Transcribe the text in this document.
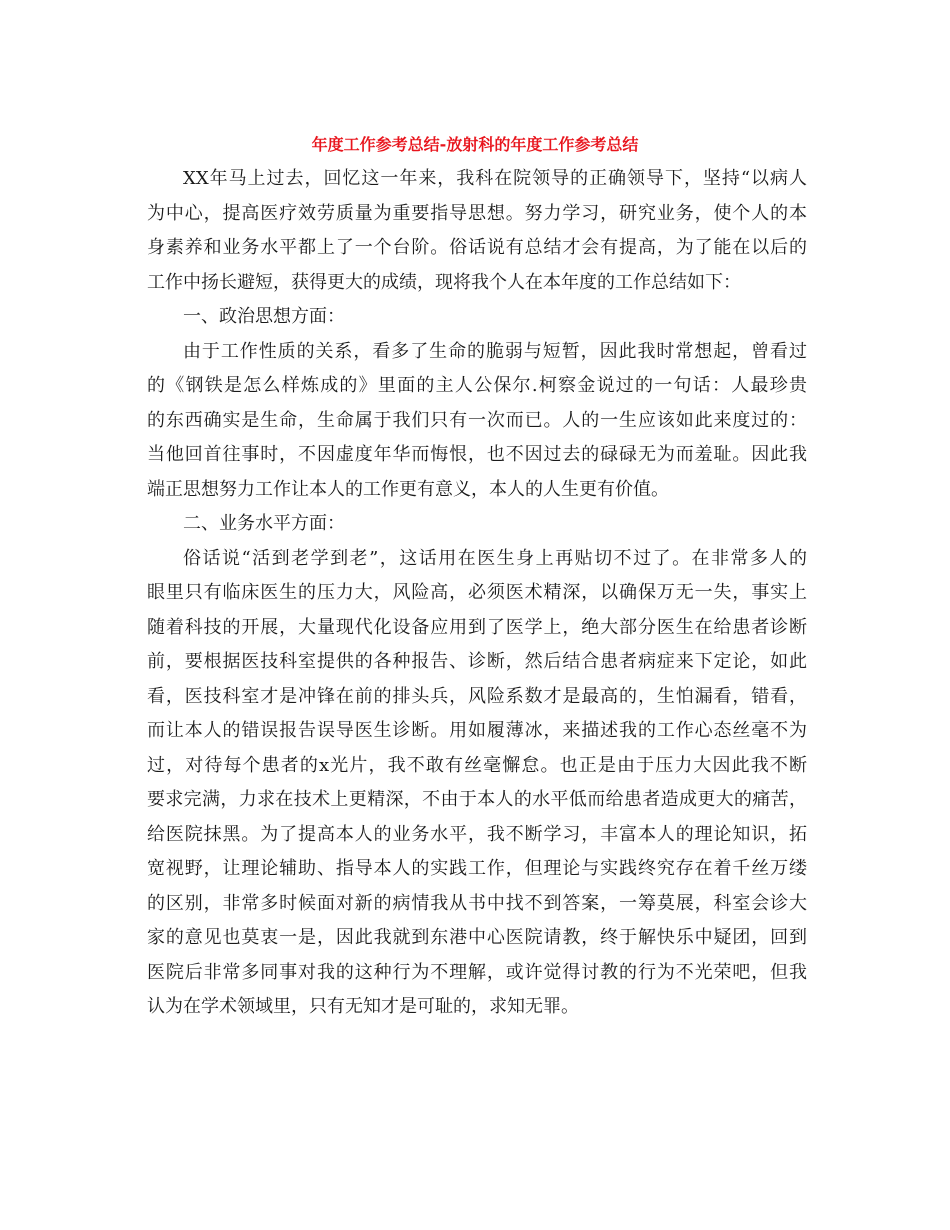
年度工作参考总结-放射科的年度工作参考总结
XX年马上过去，回忆这一年来，我科在院领导的正确领导下，坚持“以病人
为中心，提高医疗效劳质量为重要指导思想。努力学习，研究业务，使个人的本
身素养和业务水平都上了一个台阶。俗话说有总结才会有提高，为了能在以后的
工作中扬长避短，获得更大的成绩，现将我个人在本年度的工作总结如下：
一、政治思想方面：
由于工作性质的关系，看多了生命的脆弱与短暂，因此我时常想起，曾看过
的《钢铁是怎么样炼成的》里面的主人公保尔.柯察金说过的一句话：人最珍贵
的东西确实是生命，生命属于我们只有一次而已。人的一生应该如此来度过的：
当他回首往事时，不因虚度年华而悔恨，也不因过去的碌碌无为而羞耻。因此我
端正思想努力工作让本人的工作更有意义，本人的人生更有价值。
二、业务水平方面：
俗话说“活到老学到老”，这话用在医生身上再贴切不过了。在非常多人的
眼里只有临床医生的压力大，风险高，必须医术精深，以确保万无一失，事实上
随着科技的开展，大量现代化设备应用到了医学上，绝大部分医生在给患者诊断
前，要根据医技科室提供的各种报告、诊断，然后结合患者病症来下定论，如此
看，医技科室才是冲锋在前的排头兵，风险系数才是最高的，生怕漏看，错看，
而让本人的错误报告误导医生诊断。用如履薄冰，来描述我的工作心态丝毫不为
过，对待每个患者的x光片，我不敢有丝毫懈怠。也正是由于压力大因此我不断
要求完满，力求在技术上更精深，不由于本人的水平低而给患者造成更大的痛苦，
给医院抹黑。为了提高本人的业务水平，我不断学习，丰富本人的理论知识，拓
宽视野，让理论辅助、指导本人的实践工作，但理论与实践终究存在着千丝万缕
的区别，非常多时候面对新的病情我从书中找不到答案，一筹莫展，科室会诊大
家的意见也莫衷一是，因此我就到东港中心医院请教，终于解快乐中疑团，回到
医院后非常多同事对我的这种行为不理解，或许觉得讨教的行为不光荣吧，但我
认为在学术领域里，只有无知才是可耻的，求知无罪。
